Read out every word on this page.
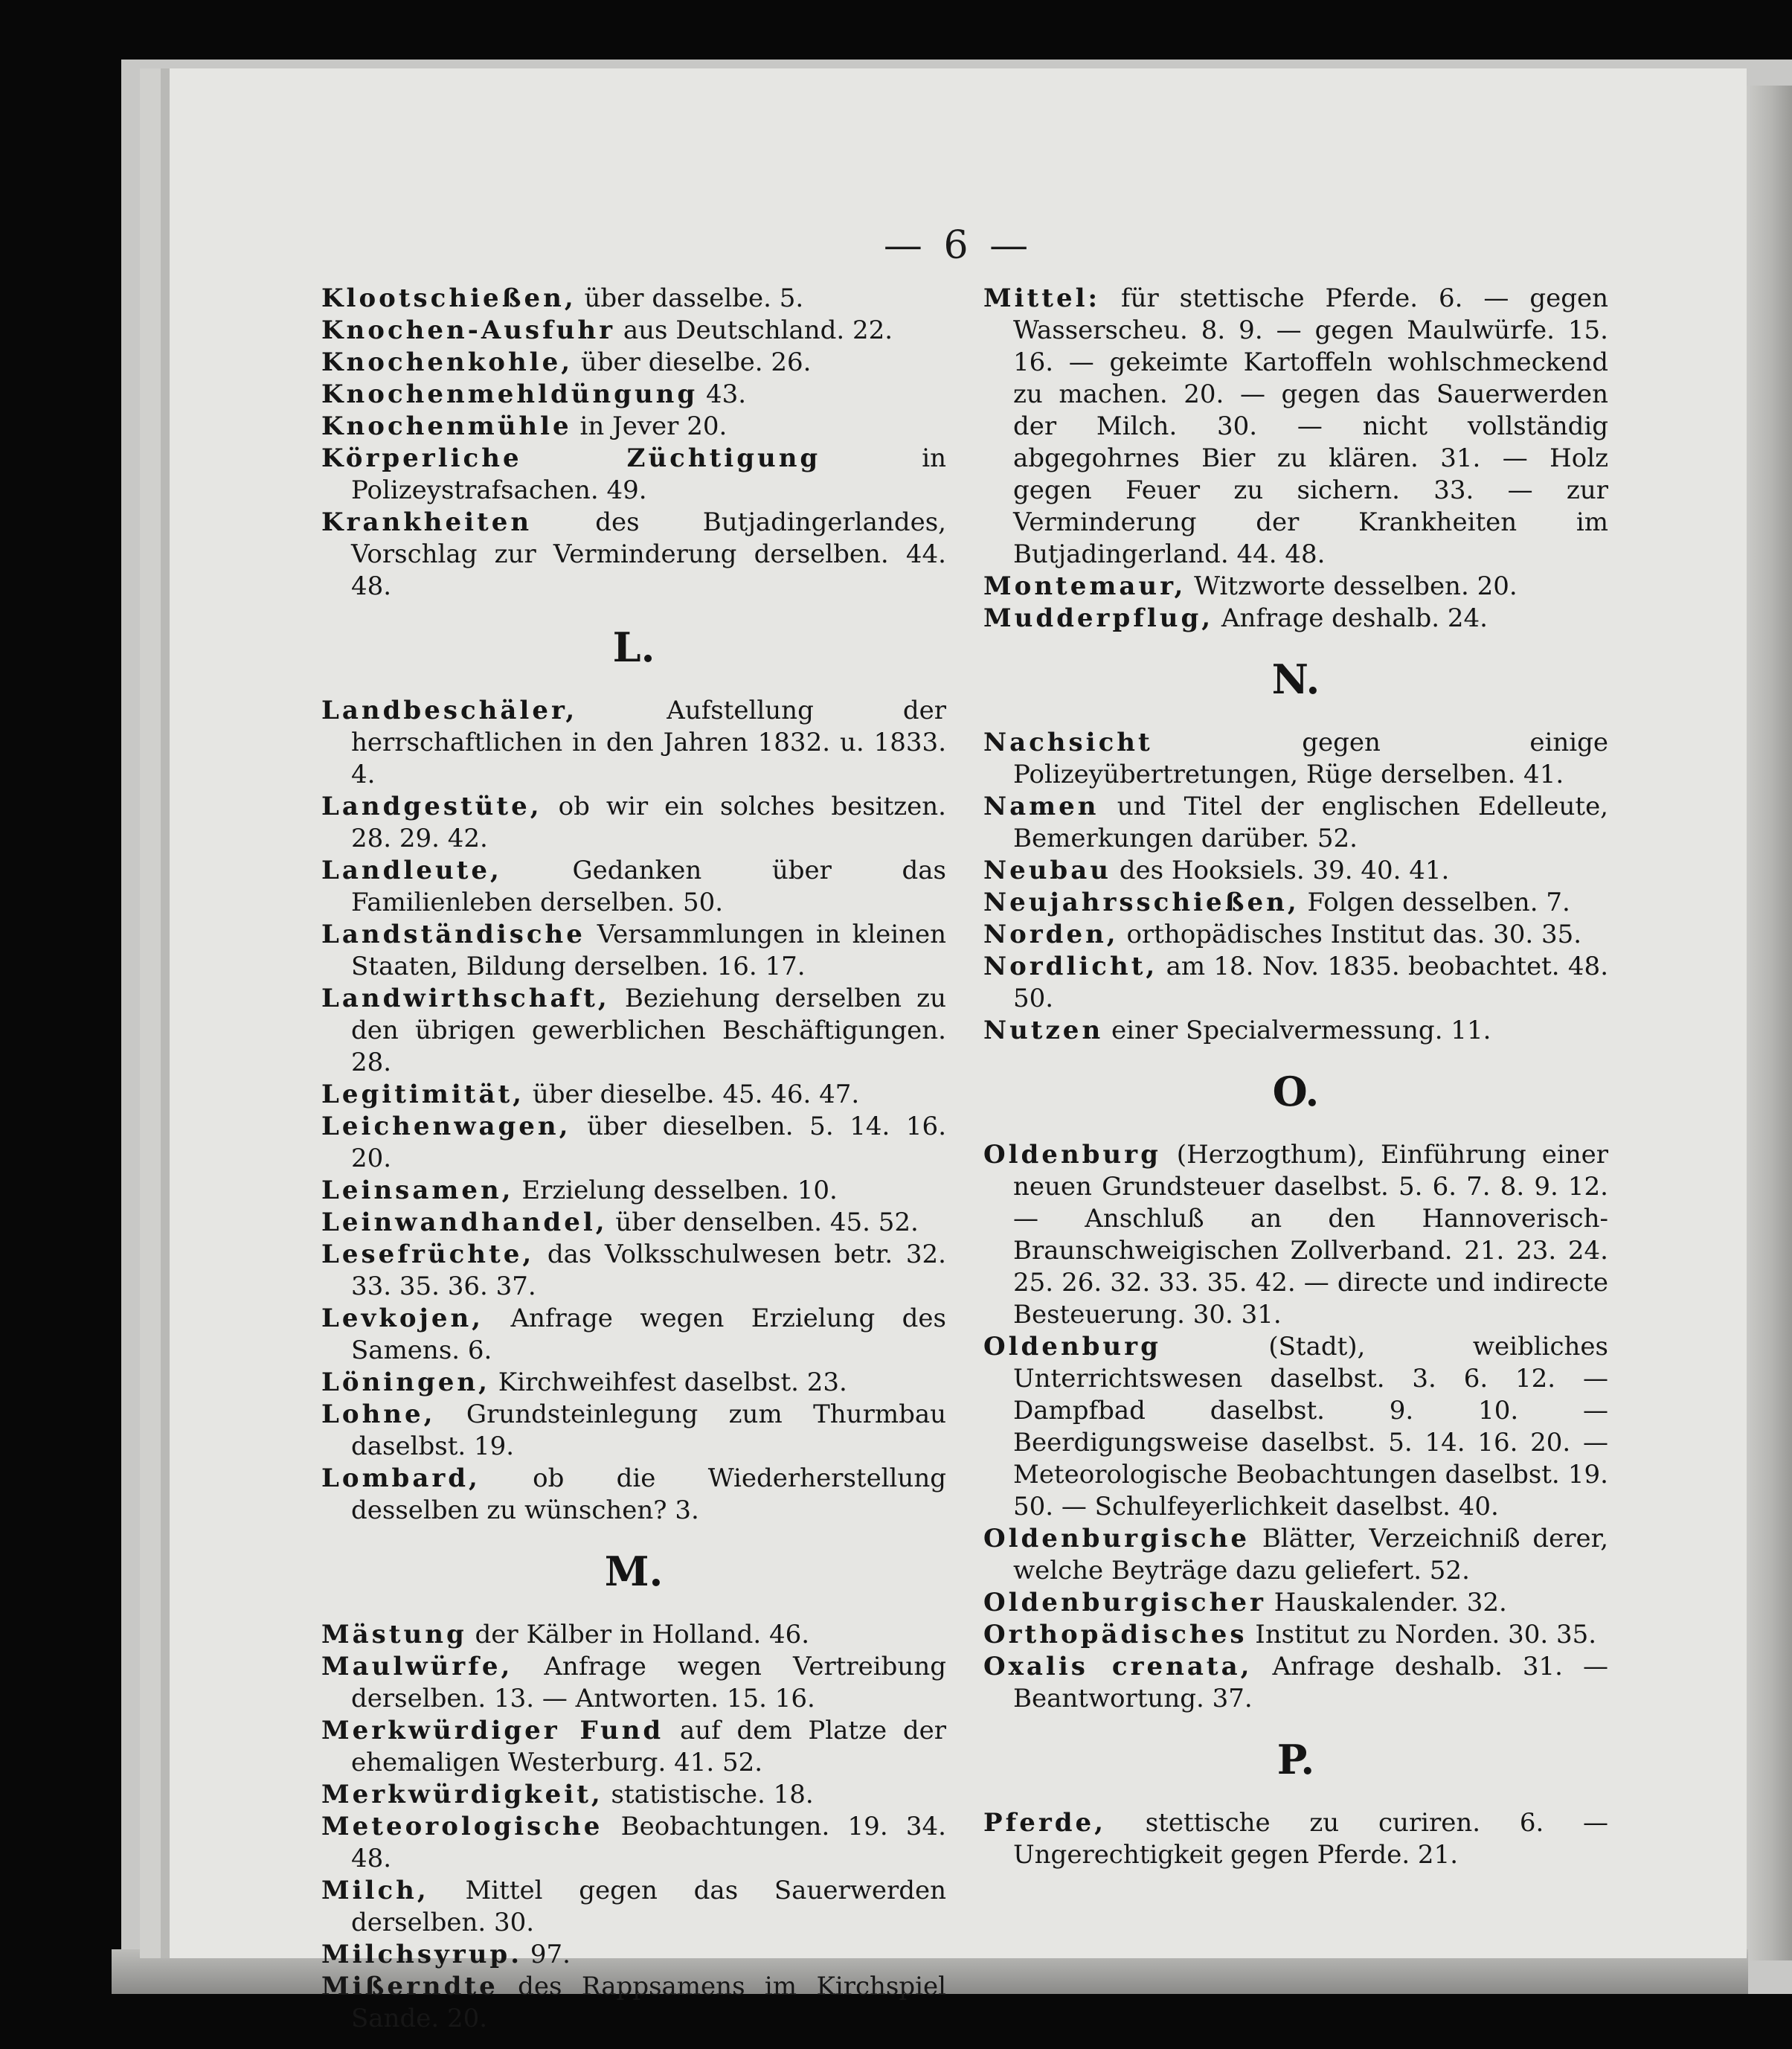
— 6 —

Klootschießen, über dasselbe. 5.

Knochen-Ausfuhr aus Deutschland. 22.

Knochenkohle, über dieselbe. 26.

Knochenmehldüngung 43.

Knochenmühle in Jever 20.

Körperliche Züchtigung in Polizeystrafsachen. 49.

Krankheiten des Butjadingerlandes, Vorschlag zur Verminderung derselben. 44. 48.

L.

Landbeschäler, Aufstellung der herrschaftlichen in den Jahren 1832. u. 1833. 4.

Landgestüte, ob wir ein solches besitzen. 28. 29. 42.

Landleute, Gedanken über das Familienleben derselben. 50.

Landständische Versammlungen in kleinen Staaten, Bildung derselben. 16. 17.

Landwirthschaft, Beziehung derselben zu den übrigen gewerblichen Beschäftigungen. 28.

Legitimität, über dieselbe. 45. 46. 47.

Leichenwagen, über dieselben. 5. 14. 16. 20.

Leinsamen, Erzielung desselben. 10.

Leinwandhandel, über denselben. 45. 52.

Lesefrüchte, das Volksschulwesen betr. 32. 33. 35. 36. 37.

Levkojen, Anfrage wegen Erzielung des Samens. 6.

Löningen, Kirchweihfest daselbst. 23.

Lohne, Grundsteinlegung zum Thurmbau daselbst. 19.

Lombard, ob die Wiederherstellung desselben zu wünschen? 3.

M.

Mästung der Kälber in Holland. 46.

Maulwürfe, Anfrage wegen Vertreibung derselben. 13. — Antworten. 15. 16.

Merkwürdiger Fund auf dem Platze der ehemaligen Westerburg. 41. 52.

Merkwürdigkeit, statistische. 18.

Meteorologische Beobachtungen. 19. 34. 48.

Milch, Mittel gegen das Sauerwerden derselben. 30.

Milchsyrup. 97.

Mißerndte des Rappsamens im Kirchspiel Sande. 20.

Mittel: für stettische Pferde. 6. — gegen Wasserscheu. 8. 9. — gegen Maulwürfe. 15. 16. — gekeimte Kartoffeln wohlschmeckend zu machen. 20. — gegen das Sauerwerden der Milch. 30. — nicht vollständig abgegohrnes Bier zu klären. 31. — Holz gegen Feuer zu sichern. 33. — zur Verminderung der Krankheiten im Butjadingerland. 44. 48.

Montemaur, Witzworte desselben. 20.

Mudderpflug, Anfrage deshalb. 24.

N.

Nachsicht gegen einige Polizeyübertretungen, Rüge derselben. 41.

Namen und Titel der englischen Edelleute, Bemerkungen darüber. 52.

Neubau des Hooksiels. 39. 40. 41.

Neujahrsschießen, Folgen desselben. 7.

Norden, orthopädisches Institut das. 30. 35.

Nordlicht, am 18. Nov. 1835. beobachtet. 48. 50.

Nutzen einer Specialvermessung. 11.

O.

Oldenburg (Herzogthum), Einführung einer neuen Grundsteuer daselbst. 5. 6. 7. 8. 9. 12. — Anschluß an den Hannoverisch-Braunschweigischen Zollverband. 21. 23. 24. 25. 26. 32. 33. 35. 42. — directe und indirecte Besteuerung. 30. 31.

Oldenburg (Stadt), weibliches Unterrichtswesen daselbst. 3. 6. 12. — Dampfbad daselbst. 9. 10. — Beerdigungsweise daselbst. 5. 14. 16. 20. — Meteorologische Beobachtungen daselbst. 19. 50. — Schulfeyerlichkeit daselbst. 40.

Oldenburgische Blätter, Verzeichniß derer, welche Beyträge dazu geliefert. 52.

Oldenburgischer Hauskalender. 32.

Orthopädisches Institut zu Norden. 30. 35.

Oxalis crenata, Anfrage deshalb. 31. — Beantwortung. 37.

P.

Pferde, stettische zu curiren. 6. — Ungerechtigkeit gegen Pferde. 21.
